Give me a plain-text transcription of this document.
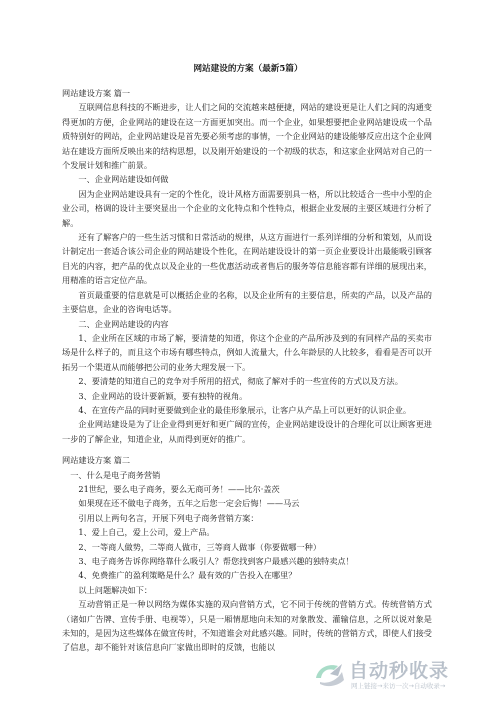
网站建设的方案（最新5篇）

网站建设方案 篇一

互联网信息科技的不断进步，让人们之间的交流越来越便捷，网站的建设更是让人们之间的沟通变得更加的方便，企业网站的建设在这一方面更加突出。而一个企业，如果想要把企业网站建设成一个品质特别好的网站，企业网站建设是首先要必须考虑的事情，一个企业网站的建设能够反应出这个企业网站在建设方面所反映出来的结构思想，以及刚开始建设的一个初级的状态，和这家企业网站对自己的一个发展计划和推广前景。

一、企业网站建设如何做

因为企业网站建设具有一定的个性化，设计风格方面需要别具一格，所以比较适合一些中小型的企业公司，格调的设计主要突显出一个企业的文化特点和个性特点，根据企业发展的主要区域进行分析了解。

还有了解客户的一些生活习惯和日常活动的规律，从这方面进行一系列详细的分析和策划，从而设计制定出一套适合该公司企业的网站建设个性化，在网站建设设计的第一页企业要设计出最能吸引顾客目光的内容，把产品的优点以及企业的一些优惠活动或者售后的服务等信息能容都有详细的展现出来，用精准的语言定位产品。

首页最重要的信息就是可以概括企业的名称，以及企业所有的主要信息，所卖的产品，以及产品的主要信息，企业的咨询电话等。

二、企业网站建设的内容

1、企业所在区域的市场了解，要清楚的知道，你这个企业的产品所涉及到的有同样产品的买卖市场是什么样子的，而且这个市场有哪些特点，例如人流量大，什么年龄层的人比较多，看看是否可以开拓另一个渠道从而能够把公司的业务大理发展一下。

2、要清楚的知道自己的竞争对手所用的招式，彻底了解对手的一些宣传的方式以及方法。

3、企业网站的设计要新颖，要有独特的视角。

4、在宣传产品的同时更要做到企业的最佳形象展示，让客户从产品上可以更好的认识企业。

企业网站建设是为了让企业得到更好和更广阔的宣传，企业网站建设设计的合理化可以让顾客更进一步的了解企业，知道企业，从而得到更好的推广。

网站建设方案 篇二

一、什么是电子商务营销

21世纪，要么电子商务，要么无商可务！——比尔·盖茨

如果现在还不做电子商务，五年之后您一定会后悔！——马云

引用以上两句名言，开展下列电子商务营销方案：

1、爱上自己，爱上公司，爱上产品。

2、一等商人做势，二等商人做市，三等商人做事（你要做哪一种）

3、电子商务告诉你网络靠什么吸引人？帮您找到客户最感兴趣的独特卖点！

4、免费推广的盈利策略是什么？最有效的广告投入在哪里？

以上问题解决如下：

互动营销正是一种以网络为媒体实施的双向营销方式，它不同于传统的营销方式。传统营销方式（诸如广告牌、宣传手册、电视等），只是一厢情愿地向未知的对象散发、灌输信息，之所以说对象是未知的，是因为这些媒体在做宣传时，不知道谁会对此感兴趣。同时，传统的营销方式，即使人们接受了信息，却不能针对该信息向厂家做出即时的反馈，也能以

自动秒收录
网上链接→来访一次→自动收录→
